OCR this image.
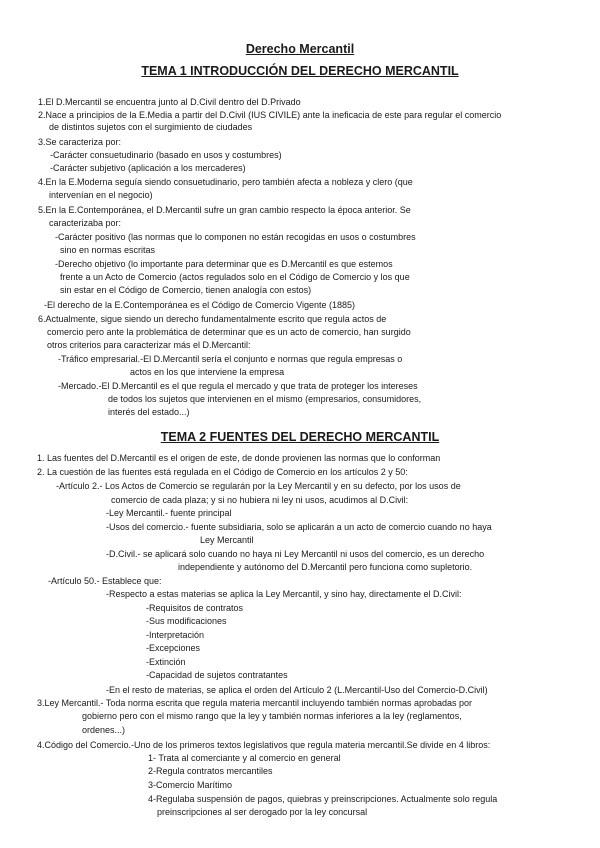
Derecho Mercantil
TEMA 1 INTRODUCCIÓN DEL DERECHO MERCANTIL
1.El D.Mercantil se encuentra junto al D.Civil dentro del D.Privado
2.Nace a principios de la E.Media a partir del D.Civil (IUS CIVILE) ante la ineficacia de este para regular el comercio
de distintos sujetos con el surgimiento de ciudades
3.Se caracteriza por:
-Carácter consuetudinario (basado en usos y costumbres)
-Carácter subjetivo (aplicación a los mercaderes)
4.En la E.Moderna seguía siendo consuetudinario, pero también afecta a nobleza y clero (que
intervenían en el negocio)
5.En la E.Contemporánea, el D.Mercantil sufre un gran cambio respecto la época anterior. Se
caracterizaba por:
-Carácter positivo (las normas que lo componen no están recogidas en usos o costumbres
sino en normas escritas
-Derecho objetivo (lo importante para determinar que es D.Mercantil es que estemos
frente a un Acto de Comercio (actos regulados solo en el Código de Comercio y los que
sin estar en el Código de Comercio, tienen analogía con estos)
-El derecho de la E.Contemporánea es el Código de Comercio Vigente (1885)
6.Actualmente, sigue siendo un derecho fundamentalmente escrito que regula actos de
comercio pero ante la problemática de determinar que es un acto de comercio, han surgido
otros criterios para caracterizar más el D.Mercantil:
-Tráfico empresarial.-El D.Mercantil sería el conjunto e normas que regula empresas o
actos en los que interviene la empresa
-Mercado.-El D.Mercantil es el que regula el mercado y que trata de proteger los intereses
de todos los sujetos que intervienen en el mismo (empresarios, consumidores,
interés del estado...)
TEMA 2 FUENTES DEL DERECHO MERCANTIL
1. Las fuentes del D.Mercantil es el origen de este, de donde provienen las normas que lo conforman
2. La cuestión de las fuentes está regulada en el Código de Comercio en los artículos 2 y 50:
-Artículo 2.- Los Actos de Comercio se regularán por la Ley Mercantil y en su defecto, por los usos de
comercio de cada plaza; y si no hubiera ni ley ni usos, acudimos al D.Civil:
-Ley Mercantil.- fuente principal
-Usos del comercio.- fuente subsidiaria, solo se aplicarán a un acto de comercio cuando no haya
Ley Mercantil
-D.Civil.- se aplicará solo cuando no haya ni Ley Mercantil ni usos del comercio, es un derecho
independiente y autónomo del D.Mercantil pero funciona como supletorio.
-Artículo 50.- Establece que:
-Respecto a estas materias se aplica la Ley Mercantil, y sino hay, directamente el D.Civil:
-Requisitos de contratos
-Sus modificaciones
-Interpretación
-Excepciones
-Extinción
-Capacidad de sujetos contratantes
-En el resto de materias, se aplica el orden del Artículo 2 (L.Mercantil-Uso del Comercio-D.Civil)
3.Ley Mercantil.- Toda norma escrita que regula materia mercantil incluyendo también normas aprobadas por
gobierno pero con el mismo rango que la ley y también normas inferiores a la ley (reglamentos,
ordenes...)
4.Código del Comercio.-Uno de los primeros textos legislativos que regula materia mercantil.Se divide en 4 libros:
1- Trata al comerciante y al comercio en general
2-Regula contratos mercantiles
3-Comercio Marítimo
4-Regulaba suspensión de pagos, quiebras y preinscripciones. Actualmente solo regula
preinscripciones al ser derogado por la ley concursal
